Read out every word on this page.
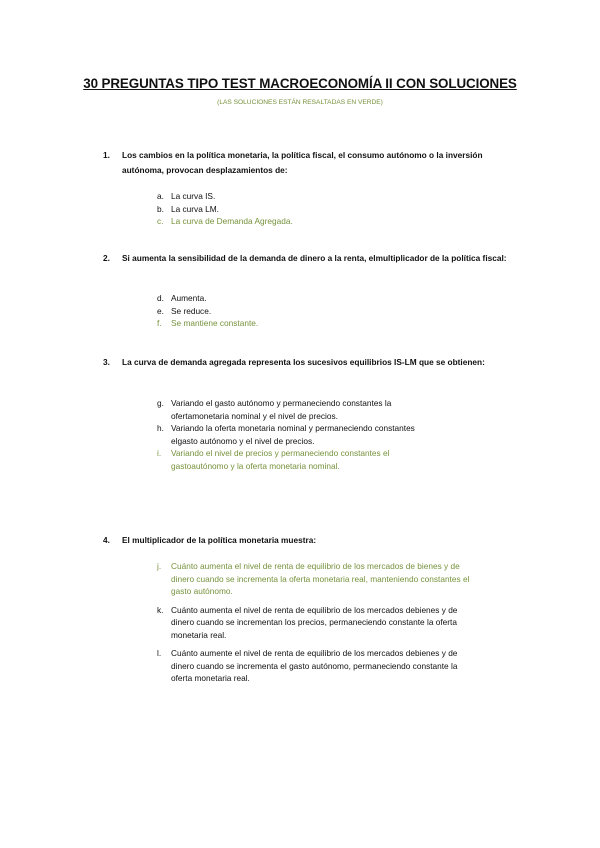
30 PREGUNTAS TIPO TEST MACROECONOMÍA II CON SOLUCIONES
(LAS SOLUCIONES ESTÁN RESALTADAS EN VERDE)
1. Los cambios en la política monetaria, la política fiscal, el consumo autónomo o la inversión autónoma, provocan desplazamientos de:
a. La curva IS.
b. La curva LM.
c. La curva de Demanda Agregada.
2. Si aumenta la sensibilidad de la demanda de dinero a la renta, elmultiplicador de la política fiscal:
d. Aumenta.
e. Se reduce.
f. Se mantiene constante.
3. La curva de demanda agregada representa los sucesivos equilibrios IS-LM que se obtienen:
g. Variando el gasto autónomo y permaneciendo constantes la ofertamonetaria nominal y el nivel de precios.
h. Variando la oferta monetaria nominal y permaneciendo constantes elgasto autónomo y el nivel de precios.
i. Variando el nivel de precios y permaneciendo constantes el gastoautónomo y la oferta monetaria nominal.
4. El multiplicador de la política monetaria muestra:
j. Cuánto aumenta el nivel de renta de equilibrio de los mercados de bienes y de dinero cuando se incrementa la oferta monetaria real, manteniendo constantes el gasto autónomo.
k. Cuánto aumenta el nivel de renta de equilibrio de los mercados debienes y de dinero cuando se incrementan los precios, permaneciendo constante la oferta monetaria real.
l. Cuánto aumente el nivel de renta de equilibrio de los mercados debienes y de dinero cuando se incrementa el gasto autónomo, permaneciendo constante la oferta monetaria real.
